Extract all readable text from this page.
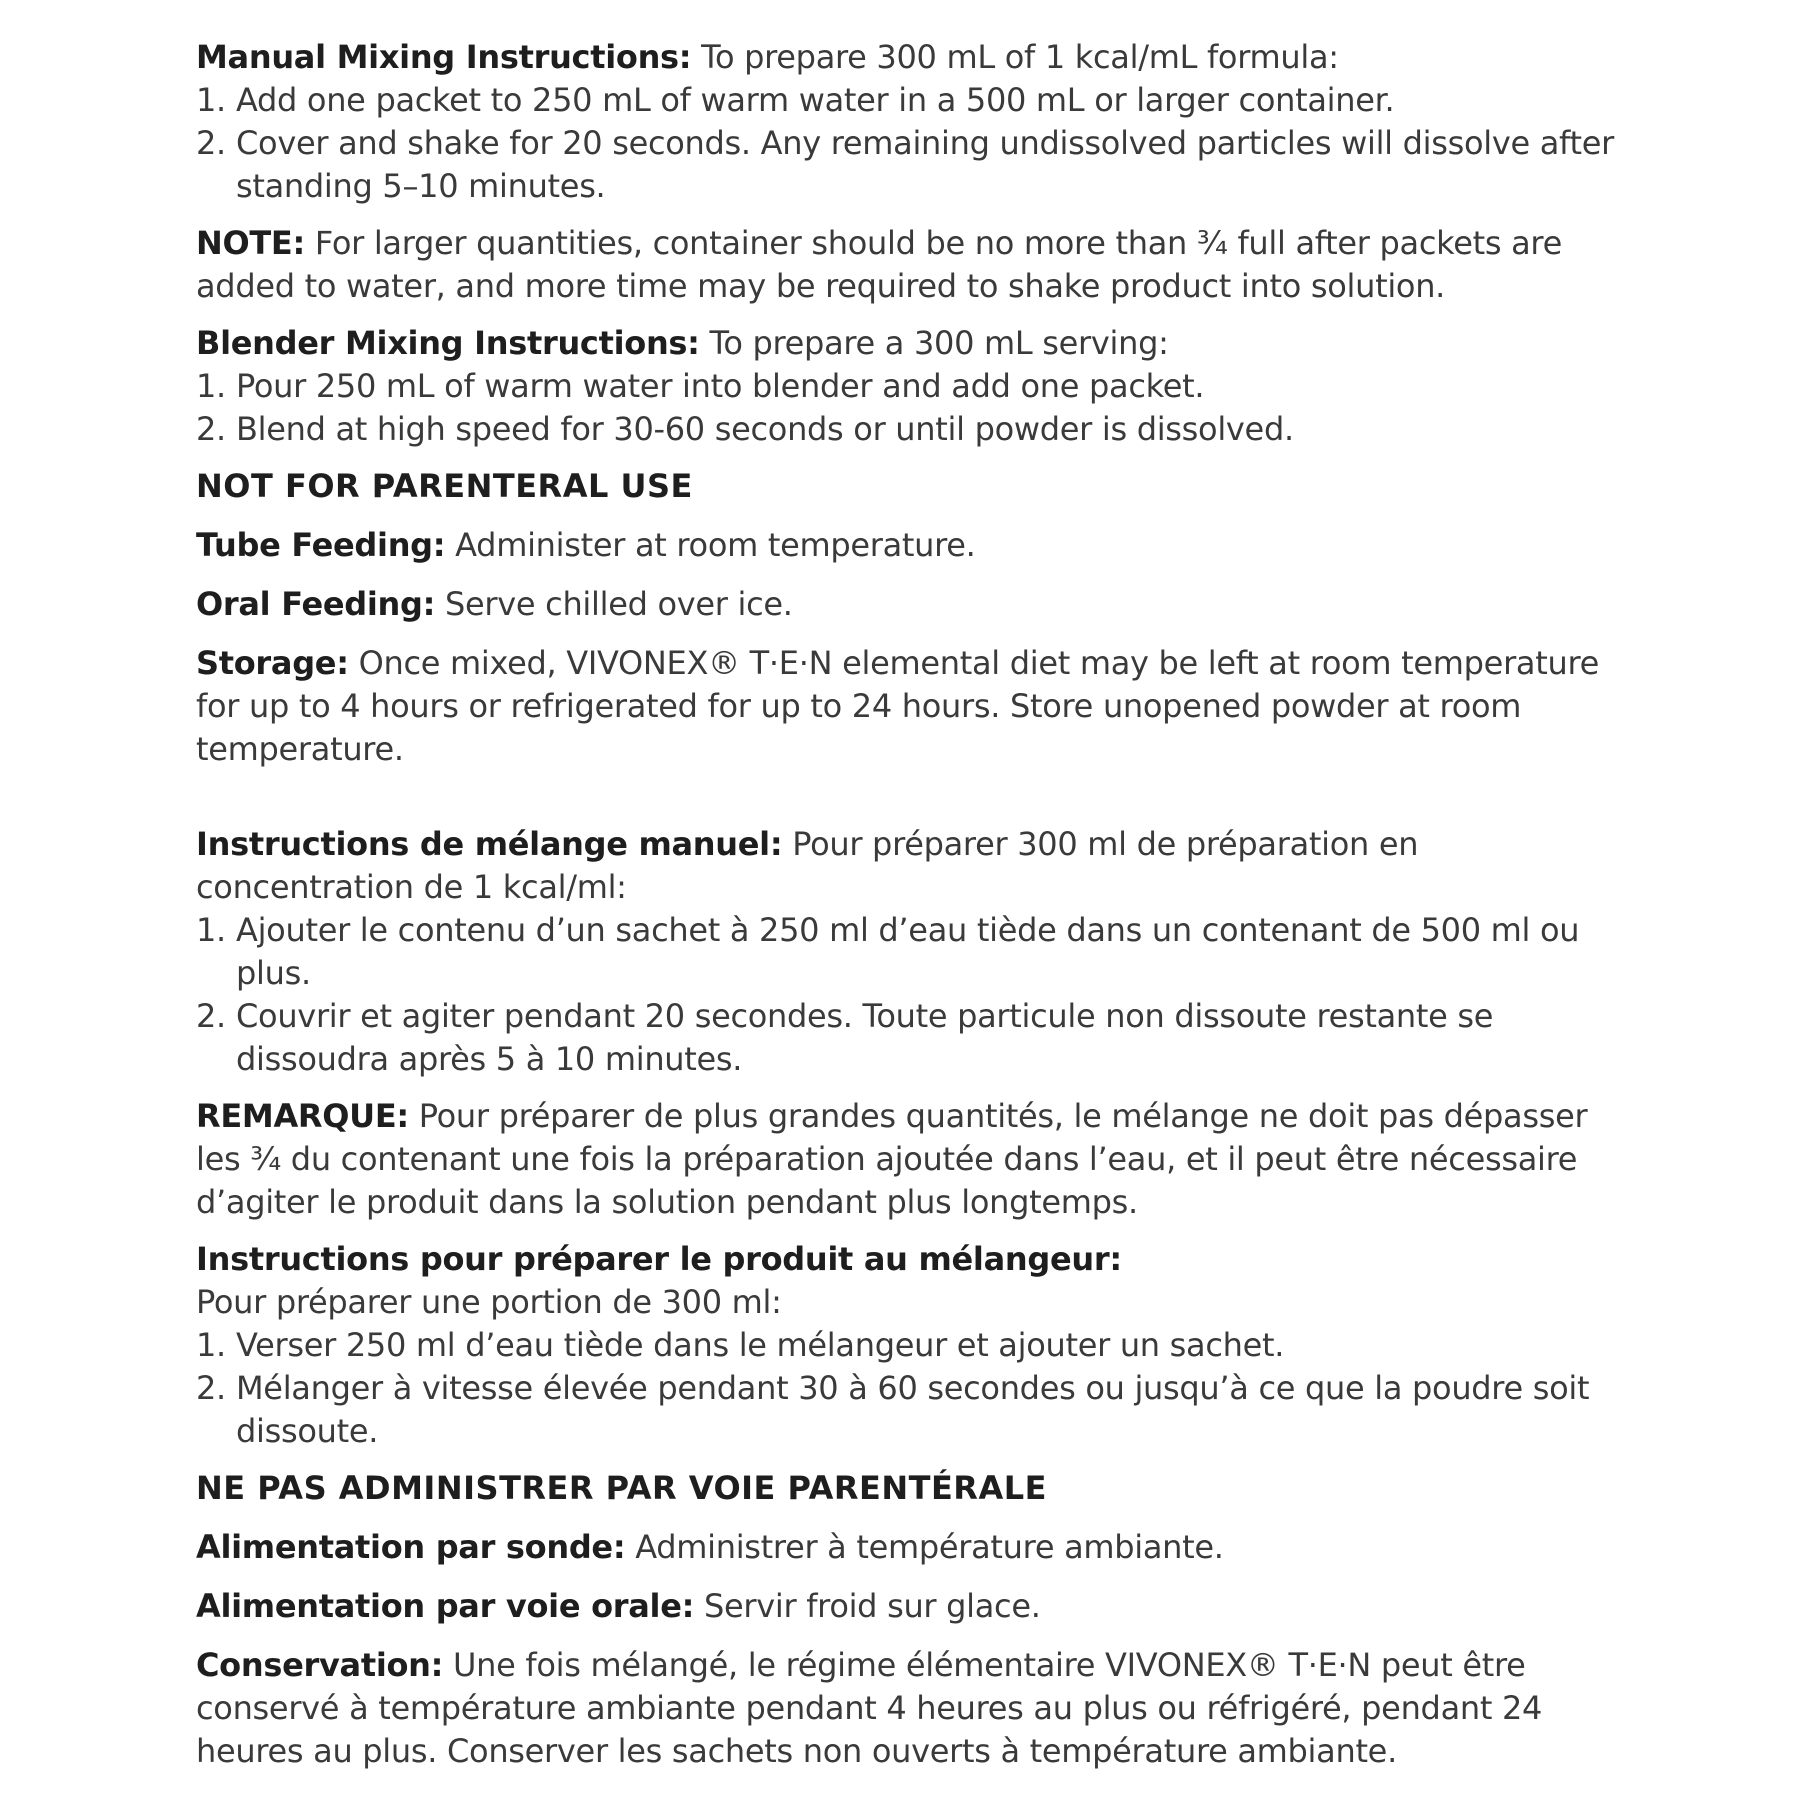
Manual Mixing Instructions: To prepare 300 mL of 1 kcal/mL formula:

1. Add one packet to 250 mL of warm water in a 500 mL or larger container.
2. Cover and shake for 20 seconds. Any remaining undissolved particles will dissolve after standing 5–10 minutes.

NOTE: For larger quantities, container should be no more than ¾ full after packets are added to water, and more time may be required to shake product into solution.

Blender Mixing Instructions: To prepare a 300 mL serving:

1. Pour 250 mL of warm water into blender and add one packet.
2. Blend at high speed for 30-60 seconds or until powder is dissolved.

NOT FOR PARENTERAL USE

Tube Feeding: Administer at room temperature.

Oral Feeding: Serve chilled over ice.

Storage: Once mixed, VIVONEX® T·E·N elemental diet may be left at room temperature for up to 4 hours or refrigerated for up to 24 hours. Store unopened powder at room temperature.

Instructions de mélange manuel: Pour préparer 300 ml de préparation en concentration de 1 kcal/ml:

1. Ajouter le contenu d’un sachet à 250 ml d’eau tiède dans un contenant de 500 ml ou plus.
2. Couvrir et agiter pendant 20 secondes. Toute particule non dissoute restante se dissoudra après 5 à 10 minutes.

REMARQUE: Pour préparer de plus grandes quantités, le mélange ne doit pas dépasser les ¾ du contenant une fois la préparation ajoutée dans l’eau, et il peut être nécessaire d’agiter le produit dans la solution pendant plus longtemps.

Instructions pour préparer le produit au mélangeur:
Pour préparer une portion de 300 ml:

1. Verser 250 ml d’eau tiède dans le mélangeur et ajouter un sachet.
2. Mélanger à vitesse élevée pendant 30 à 60 secondes ou jusqu’à ce que la poudre soit dissoute.

NE PAS ADMINISTRER PAR VOIE PARENTÉRALE

Alimentation par sonde: Administrer à température ambiante.

Alimentation par voie orale: Servir froid sur glace.

Conservation: Une fois mélangé, le régime élémentaire VIVONEX® T·E·N peut être conservé à température ambiante pendant 4 heures au plus ou réfrigéré, pendant 24 heures au plus. Conserver les sachets non ouverts à température ambiante.
